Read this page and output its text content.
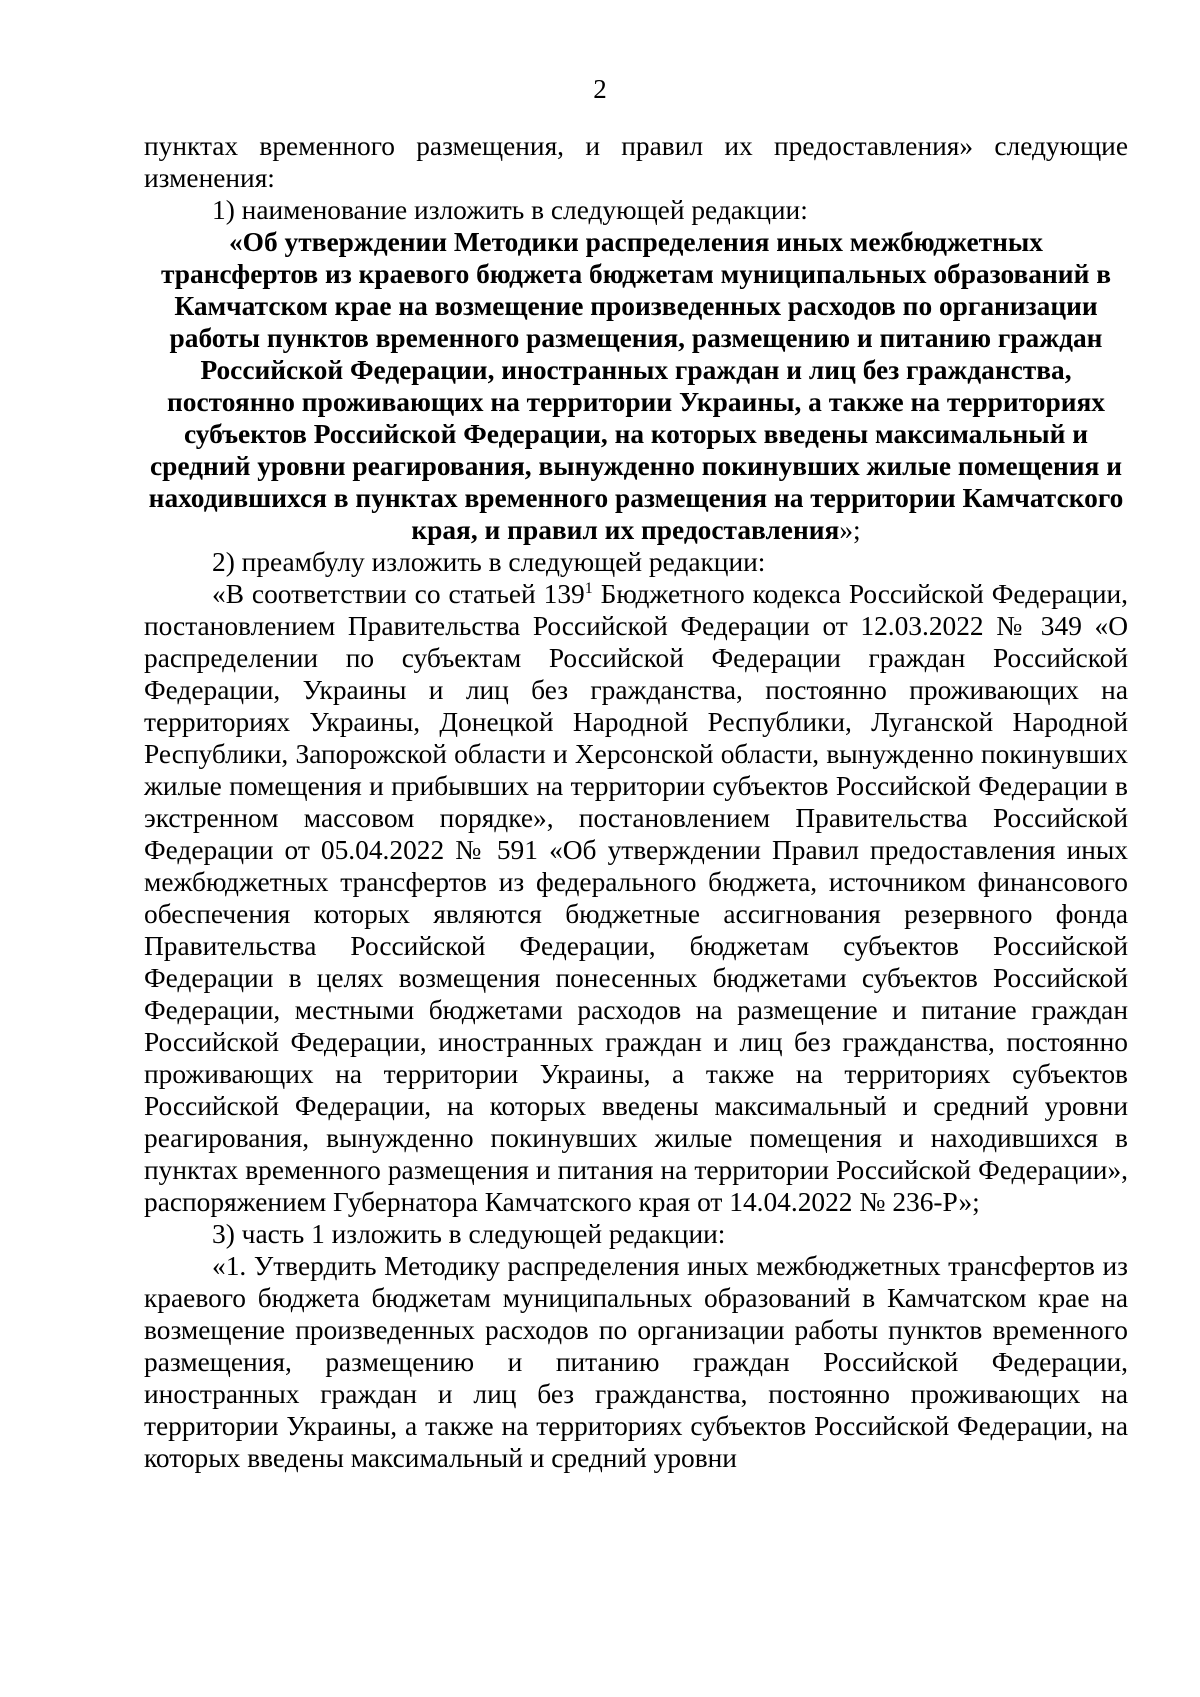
2

пунктах временного размещения, и правил их предоставления» следующие изменения:

1) наименование изложить в следующей редакции:

«Об утверждении Методики распределения иных межбюджетных трансфертов из краевого бюджета бюджетам муниципальных образований в Камчатском крае на возмещение произведенных расходов по организации работы пунктов временного размещения, размещению и питанию граждан Российской Федерации, иностранных граждан и лиц без гражданства, постоянно проживающих на территории Украины, а также на территориях субъектов Российской Федерации, на которых введены максимальный и средний уровни реагирования, вынужденно покинувших жилые помещения и находившихся в пунктах временного размещения на территории Камчатского края, и правил их предоставления»;

2) преамбулу изложить в следующей редакции:

«В соответствии со статьей $139^1$ Бюджетного кодекса Российской Федерации, постановлением Правительства Российской Федерации от 12.03.2022 № 349 «О распределении по субъектам Российской Федерации граждан Российской Федерации, Украины и лиц без гражданства, постоянно проживающих на территориях Украины, Донецкой Народной Республики, Луганской Народной Республики, Запорожской области и Херсонской области, вынужденно покинувших жилые помещения и прибывших на территории субъектов Российской Федерации в экстренном массовом порядке», постановлением Правительства Российской Федерации от 05.04.2022 № 591 «Об утверждении Правил предоставления иных межбюджетных трансфертов из федерального бюджета, источником финансового обеспечения которых являются бюджетные ассигнования резервного фонда Правительства Российской Федерации, бюджетам субъектов Российской Федерации в целях возмещения понесенных бюджетами субъектов Российской Федерации, местными бюджетами расходов на размещение и питание граждан Российской Федерации, иностранных граждан и лиц без гражданства, постоянно проживающих на территории Украины, а также на территориях субъектов Российской Федерации, на которых введены максимальный и средний уровни реагирования, вынужденно покинувших жилые помещения и находившихся в пунктах временного размещения и питания на территории Российской Федерации», распоряжением Губернатора Камчатского края от 14.04.2022 № 236-Р»;

3) часть 1 изложить в следующей редакции:

«1. Утвердить Методику распределения иных межбюджетных трансфертов из краевого бюджета бюджетам муниципальных образований в Камчатском крае на возмещение произведенных расходов по организации работы пунктов временного размещения, размещению и питанию граждан Российской Федерации, иностранных граждан и лиц без гражданства, постоянно проживающих на территории Украины, а также на территориях субъектов Российской Федерации, на которых введены максимальный и средний уровни
